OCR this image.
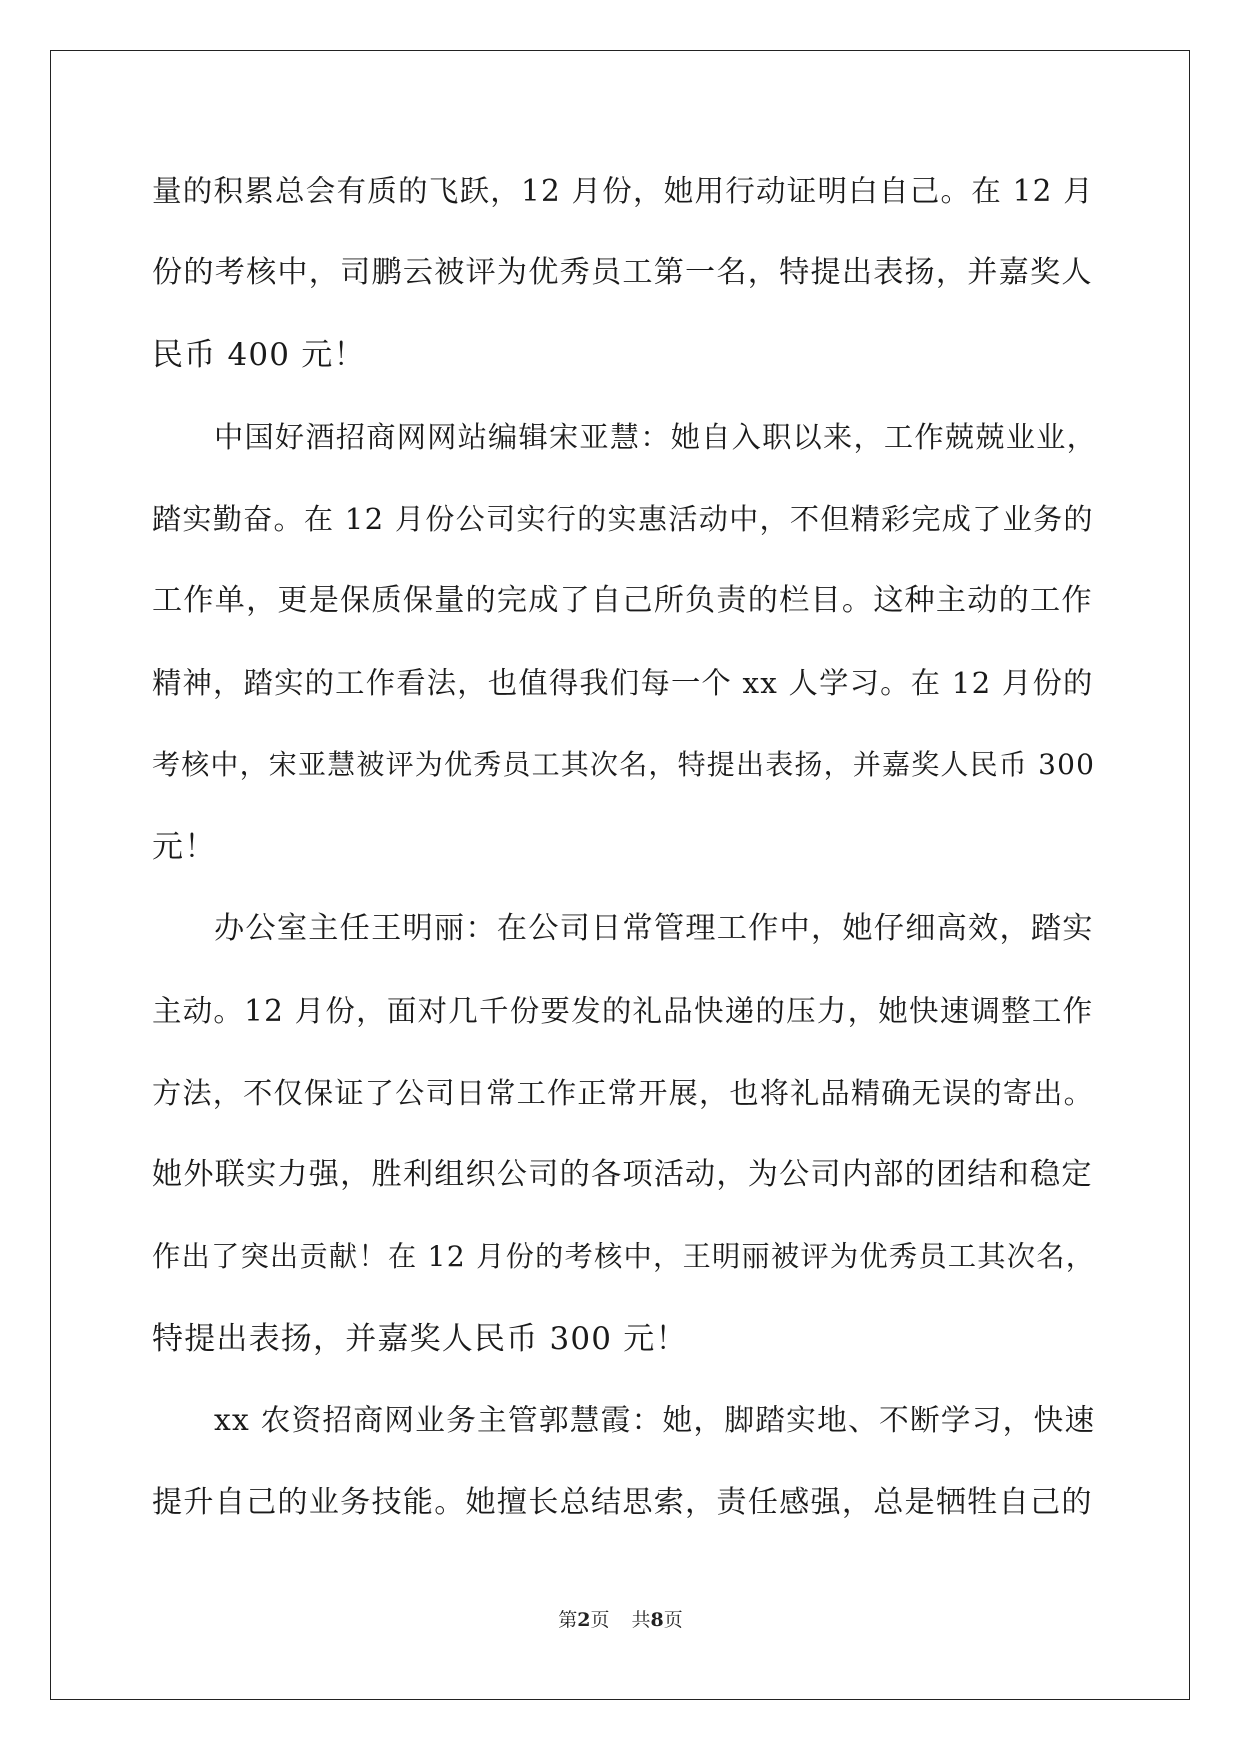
量的积累总会有质的飞跃，12 月份，她用行动证明白自己。在 12 月
份的考核中，司鹏云被评为优秀员工第一名，特提出表扬，并嘉奖人
民币 400 元！
中国好酒招商网网站编辑宋亚慧：她自入职以来，工作兢兢业业，
踏实勤奋。在 12 月份公司实行的实惠活动中，不但精彩完成了业务的
工作单，更是保质保量的完成了自己所负责的栏目。这种主动的工作
精神，踏实的工作看法，也值得我们每一个 xx 人学习。在 12 月份的
考核中，宋亚慧被评为优秀员工其次名，特提出表扬，并嘉奖人民币 300
元！
办公室主任王明丽：在公司日常管理工作中，她仔细高效，踏实
主动。12 月份，面对几千份要发的礼品快递的压力，她快速调整工作
方法，不仅保证了公司日常工作正常开展，也将礼品精确无误的寄出。
她外联实力强，胜利组织公司的各项活动，为公司内部的团结和稳定
作出了突出贡献！在 12 月份的考核中，王明丽被评为优秀员工其次名，
特提出表扬，并嘉奖人民币 300 元！
xx 农资招商网业务主管郭慧霞：她，脚踏实地、不断学习，快速
提升自己的业务技能。她擅长总结思索，责任感强，总是牺牲自己的
第2页 共8页
